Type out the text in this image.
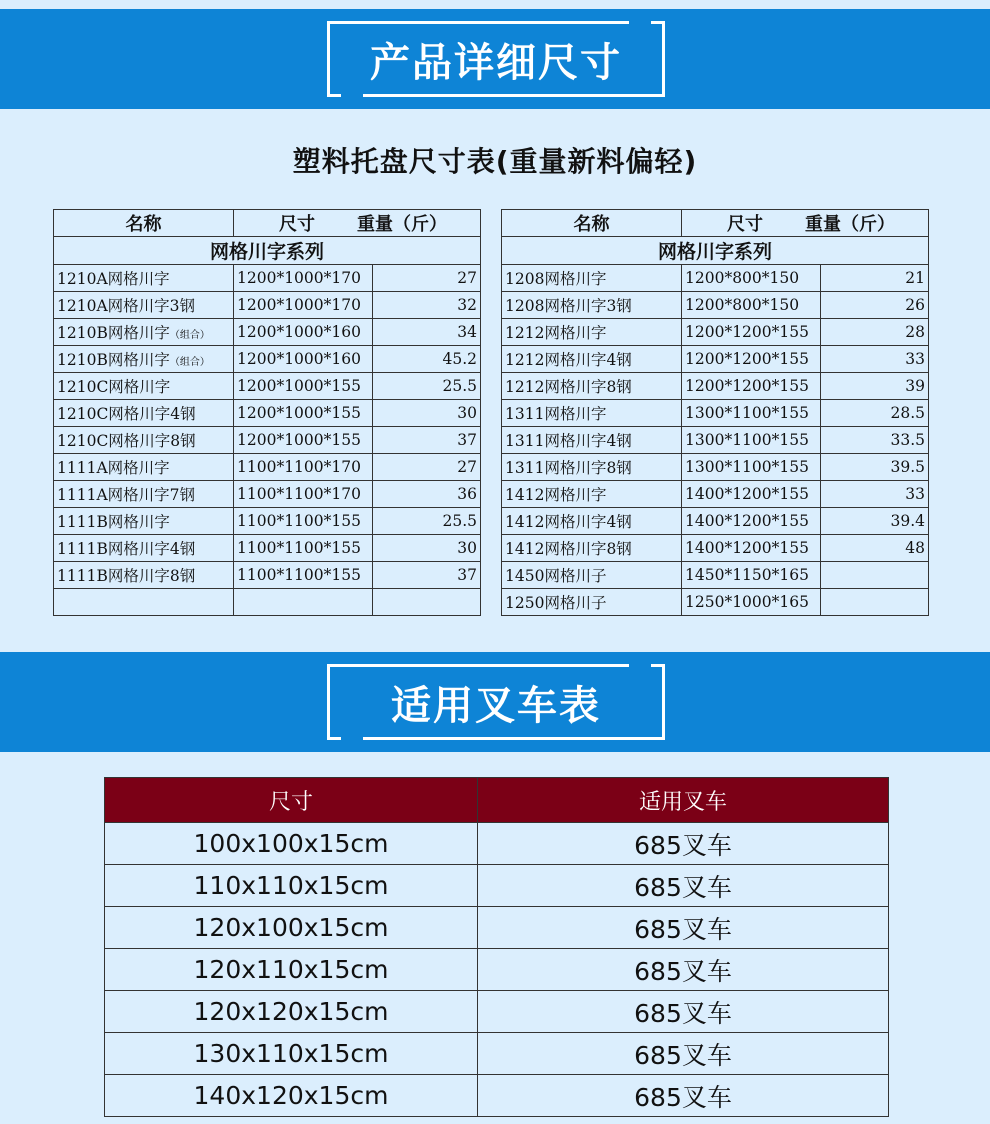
产品详细尺寸
塑料托盘尺寸表(重量新料偏轻)
名称	尺寸 重量（斤）	
网格川字系列		
1210A网格川字	1200*1000*170	27
1210A网格川字3钢	1200*1000*170	32
1210B网格川字（组合）	1200*1000*160	34
1210B网格川字（组合）	1200*1000*160	45.2
1210C网格川字	1200*1000*155	25.5
1210C网格川字4钢	1200*1000*155	30
1210C网格川字8钢	1200*1000*155	37
1111A网格川字	1100*1100*170	27
1111A网格川字7钢	1100*1100*170	36
1111B网格川字	1100*1100*155	25.5
1111B网格川字4钢	1100*1100*155	30
1111B网格川字8钢	1100*1100*155	37

名称	尺寸 重量（斤）	
网格川字系列		
1208网格川字	1200*800*150	21
1208网格川字3钢	1200*800*150	26
1212网格川字	1200*1200*155	28
1212网格川字4钢	1200*1200*155	33
1212网格川字8钢	1200*1200*155	39
1311网格川字	1300*1100*155	28.5
1311网格川字4钢	1300*1100*155	33.5
1311网格川字8钢	1300*1100*155	39.5
1412网格川字	1400*1200*155	33
1412网格川字4钢	1400*1200*155	39.4
1412网格川字8钢	1400*1200*155	48
1450网格川子	1450*1150*165	
1250网格川子	1250*1000*165	
适用叉车表
尺寸	适用叉车
100x100x15cm	685叉车
110x110x15cm	685叉车
120x100x15cm	685叉车
120x110x15cm	685叉车
120x120x15cm	685叉车
130x110x15cm	685叉车
140x120x15cm	685叉车
